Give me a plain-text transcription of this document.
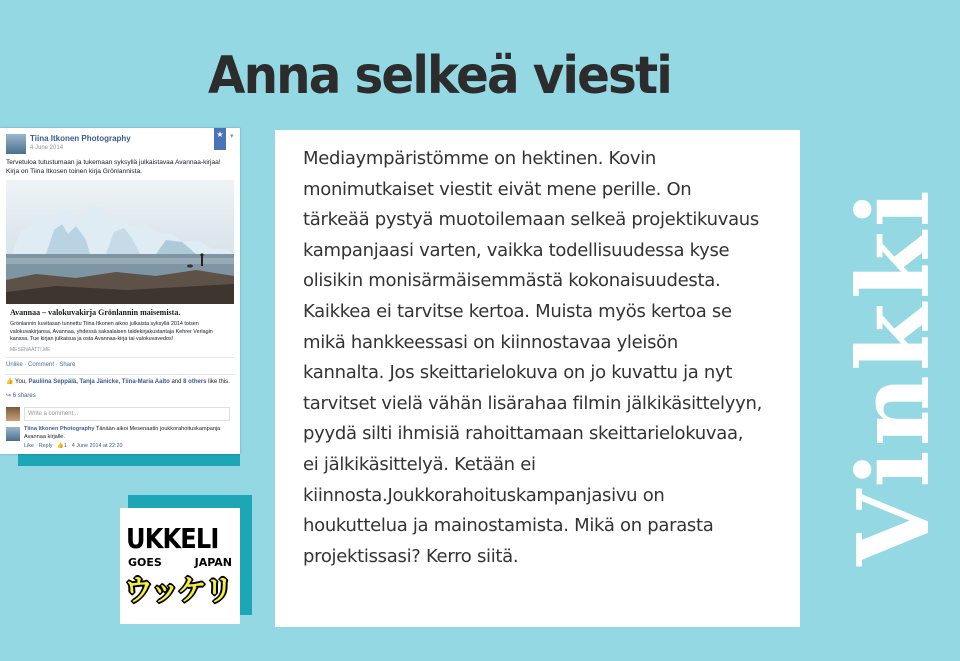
Anna selkeä viesti
Tiina Itkonen Photography
4 June 2014
★ ▾
Tervetuloa tutustumaan ja tukemaan syksyllä julkaistavaa Avannaa-kirjaa! Kirja on Tiina Itkosen toinen kirja Grönlannista.
Avannaa – valokuvakirja Grönlannin maisemista.
Grönlannin kuvitasan tunnettu Tiina Itkonen aikoo julkaista syksyllä 2014 toisen valokuvakirjansa, Avannaa, yhdessä saksalaisen taidekirjakustantaja Kehrer Verlagin kanssa. Tue kirjan julkaisua ja osta Avannaa-kirja tai valokuvavedos!
MESENAATTI.ME
Unlike · Comment · Share
👍 You, Pauliina Seppälä, Tanja Jänicke, Tiina-Maria Aalto and 8 others like this.
↪ 6 shares
Write a comment...
Tiina Itkonen Photography Tänään aikoi Mesenaatin joukkorahoituskampanja Avannaa kirjalle.
Like · Reply · 👍1 · 4 June 2014 at 22:20
UKKELI
GOES	JAPAN
ウッケリ

Mediaympäristömme on hektinen. Kovin monimutkaiset viestit eivät mene perille. On tärkeää pystyä muotoilemaan selkeä projektikuvaus kampanjaasi varten, vaikka todellisuudessa kyse olisikin monisärmäisemmästä kokonaisuudesta.

Kaikkea ei tarvitse kertoa. Muista myös kertoa se mikä hankkeessasi on kiinnostavaa yleisön kannalta. Jos skeittarielokuva on jo kuvattu ja nyt tarvitset vielä vähän lisärahaa filmin jälkikäsittelyyn, pyydä silti ihmisiä rahoittamaan skeittarielokuvaa, ei jälkikäsittelyä. Ketään ei kiinnosta.Joukkorahoituskampanjasivu on houkuttelua ja mainostamista. Mikä on parasta projektissasi? Kerro siitä.	Vinkki
